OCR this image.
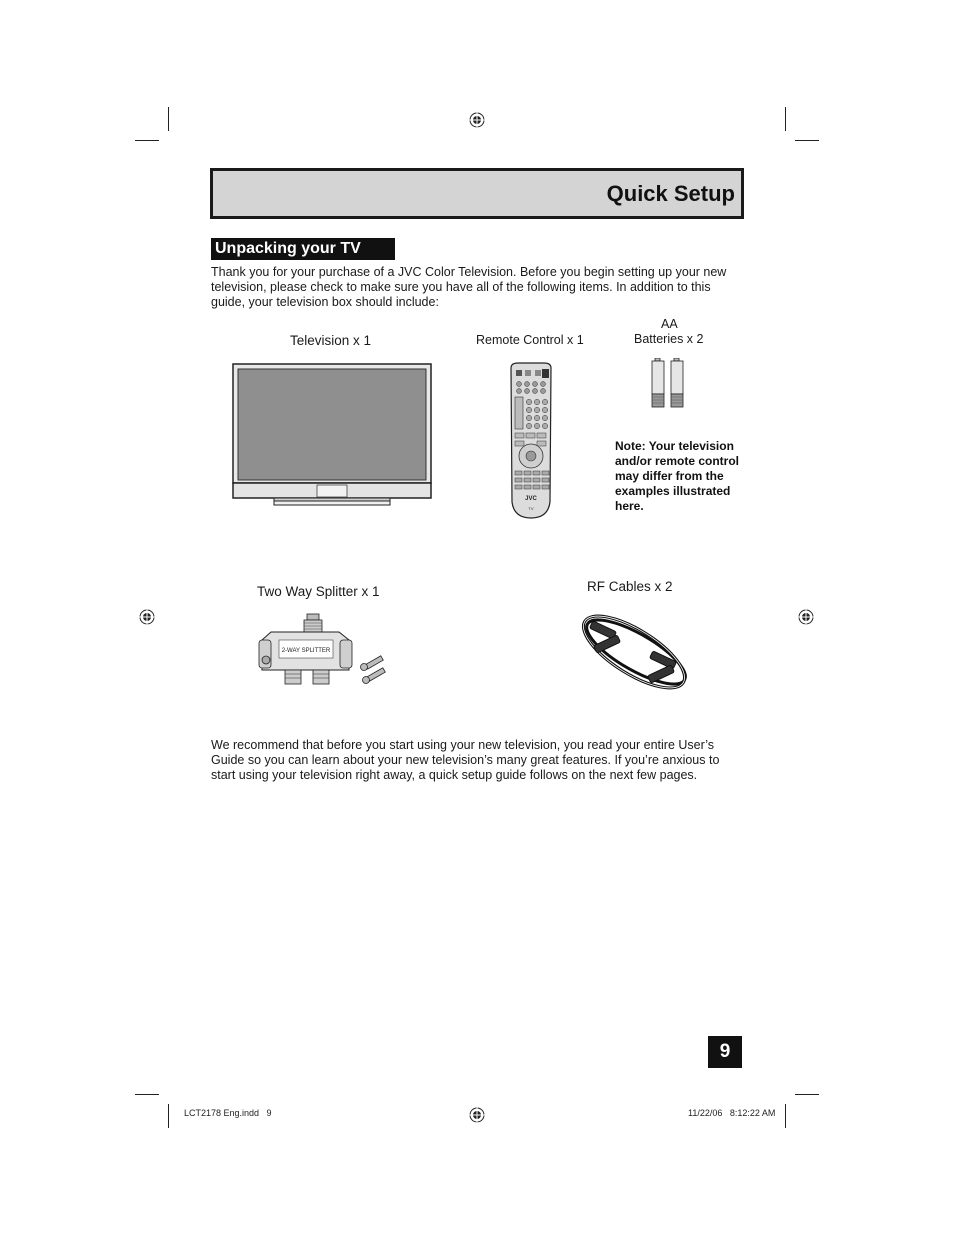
Quick Setup
Unpacking your TV
Thank you for your purchase of a JVC Color Television. Before you begin setting up your new television, please check to make sure you have all of the following items. In addition to this guide, your television box should include:
Television x 1	Remote Control x 1
AA
Batteries x 2
JVC
TV
Note: Your television and/or remote control may differ from the examples illustrated here.
Two Way Splitter x 1	RF Cables x 2
2-WAY SPLITTER
We recommend that before you start using your new television, you read your entire User’s Guide so you can learn about your new television’s many great features. If you’re anxious to start using your television right away, a quick setup guide follows on the next few pages.
9
LCT2178 Eng.indd   9	11/22/06   8:12:22 AM
